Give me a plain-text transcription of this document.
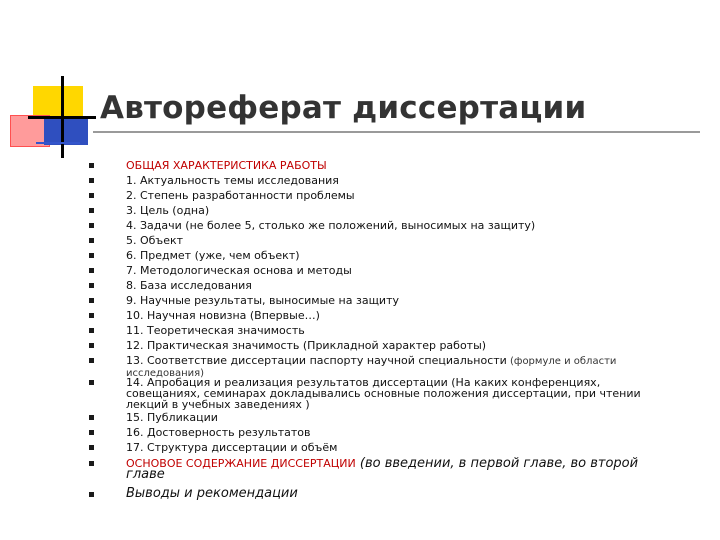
Автореферат диссертации
ОБЩАЯ ХАРАКТЕРИСТИКА РАБОТЫ
1. Актуальность темы исследования
2. Степень разработанности проблемы
3. Цель (одна)
4. Задачи (не более 5, столько же положений, выносимых на защиту)
5. Объект
6. Предмет (уже, чем объект)
7. Методологическая основа и методы
8. База исследования
9. Научные результаты, выносимые на защиту
10. Научная новизна (Впервые…)
11. Теоретическая значимость
12. Практическая значимость (Прикладной характер работы)
13. Соответствие диссертации паспорту научной специальности (формуле и области
исследования)
14. Апробация и реализация результатов диссертации (На каких конференциях,
совещаниях, семинарах докладывались основные положения диссертации, при чтении
лекций в учебных заведениях )
15. Публикации
16. Достоверность результатов
17. Структура диссертации и объём
ОСНОВОЕ СОДЕРЖАНИЕ ДИССЕРТАЦИИ (во введении, в первой главе, во второй
главе
Выводы и рекомендации
